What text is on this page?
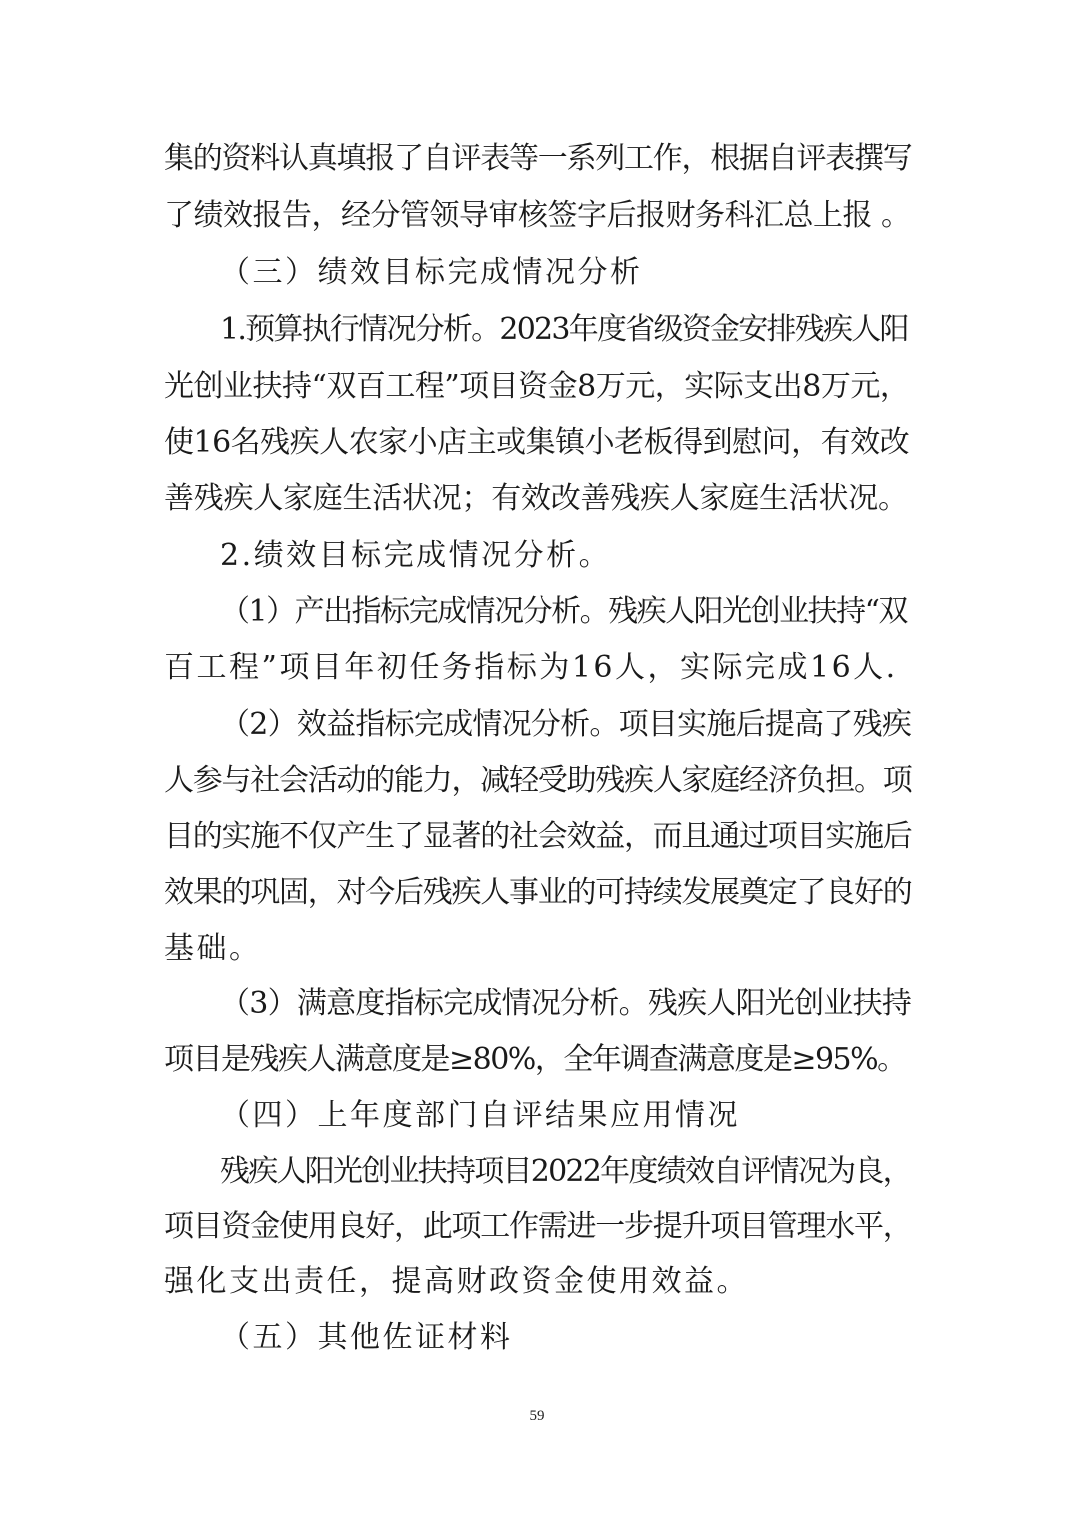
集的资料认真填报了自评表等一系列工作，根据自评表撰写
了绩效报告，经分管领导审核签字后报财务科汇总上报 。
（三）绩效目标完成情况分析
1.预算执行情况分析。2023年度省级资金安排残疾人阳
光创业扶持“双百工程”项目资金8万元，实际支出8万元，
使16名残疾人农家小店主或集镇小老板得到慰问，有效改
善残疾人家庭生活状况；有效改善残疾人家庭生活状况。
2.绩效目标完成情况分析。
（1）产出指标完成情况分析。残疾人阳光创业扶持“双
百工程”项目年初任务指标为16人，实际完成16人.
（2）效益指标完成情况分析。项目实施后提高了残疾
人参与社会活动的能力，减轻受助残疾人家庭经济负担。项
目的实施不仅产生了显著的社会效益，而且通过项目实施后
效果的巩固，对今后残疾人事业的可持续发展奠定了良好的
基础。
（3）满意度指标完成情况分析。残疾人阳光创业扶持
项目是残疾人满意度是≥80%，全年调查满意度是≥95%。
（四）上年度部门自评结果应用情况
残疾人阳光创业扶持项目2022年度绩效自评情况为良，
项目资金使用良好，此项工作需进一步提升项目管理水平，
强化支出责任，提高财政资金使用效益。
（五）其他佐证材料
59
